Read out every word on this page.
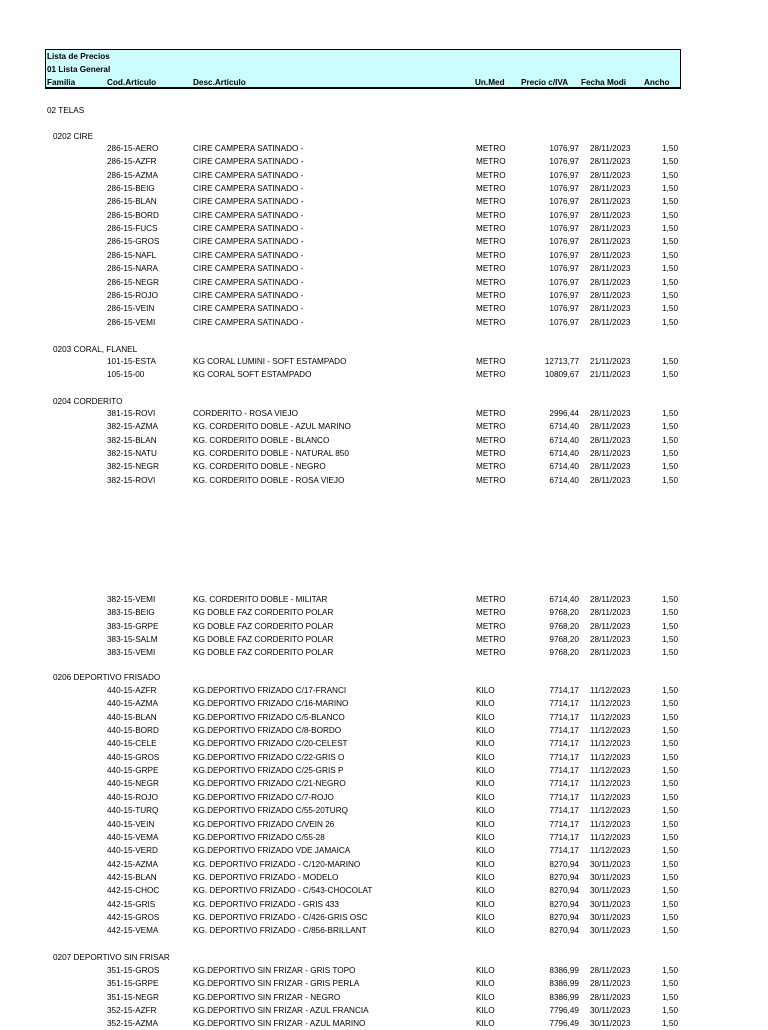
Lista de Precios
01 Lista General
Familia	Cod.Artículo	Desc.Artículo	Un.Med Precio c/IVA Fecha Modi Ancho
02 TELAS
0202 CIRE
286-15-AERO	CIRE CAMPERA SATINADO -	METRO	1076,97 28/11/2023	1,50
286-15-AZFR	CIRE CAMPERA SATINADO -	METRO	1076,97 28/11/2023	1,50
286-15-AZMA	CIRE CAMPERA SATINADO -	METRO	1076,97 28/11/2023	1,50
286-15-BEIG	CIRE CAMPERA SATINADO -	METRO	1076,97 28/11/2023	1,50
286-15-BLAN	CIRE CAMPERA SATINADO -	METRO	1076,97 28/11/2023	1,50
286-15-BORD	CIRE CAMPERA SATINADO -	METRO	1076,97 28/11/2023	1,50
286-15-FUCS	CIRE CAMPERA SATINADO -	METRO	1076,97 28/11/2023	1,50
286-15-GROS	CIRE CAMPERA SATINADO -	METRO	1076,97 28/11/2023	1,50
286-15-NAFL	CIRE CAMPERA SATINADO -	METRO	1076,97 28/11/2023	1,50
286-15-NARA	CIRE CAMPERA SATINADO -	METRO	1076,97 28/11/2023	1,50
286-15-NEGR	CIRE CAMPERA SATINADO -	METRO	1076,97 28/11/2023	1,50
286-15-ROJO	CIRE CAMPERA SATINADO -	METRO	1076,97 28/11/2023	1,50
286-15-VEIN	CIRE CAMPERA SATINADO -	METRO	1076,97 28/11/2023	1,50
286-15-VEMI	CIRE CAMPERA SATINADO -	METRO	1076,97 28/11/2023	1,50
0203 CORAL, FLANEL
101-15-ESTA	KG CORAL LUMINI - SOFT ESTAMPADO	METRO	12713,77 21/11/2023	1,50
105-15-00	KG CORAL SOFT ESTAMPADO	METRO	10809,67 21/11/2023	1,50
0204 CORDERITO
381-15-ROVI	CORDERITO - ROSA VIEJO	METRO	2996,44 28/11/2023	1,50
382-15-AZMA	KG. CORDERITO DOBLE - AZUL MARINO	METRO	6714,40 28/11/2023	1,50
382-15-BLAN	KG. CORDERITO DOBLE - BLANCO	METRO	6714,40 28/11/2023	1,50
382-15-NATU	KG. CORDERITO DOBLE - NATURAL 850	METRO	6714,40 28/11/2023	1,50
382-15-NEGR	KG. CORDERITO DOBLE - NEGRO	METRO	6714,40 28/11/2023	1,50
382-15-ROVI	KG. CORDERITO DOBLE - ROSA VIEJO	METRO	6714,40 28/11/2023	1,50
382-15-VEMI	KG. CORDERITO DOBLE - MILITAR	METRO	6714,40 28/11/2023	1,50
383-15-BEIG	KG DOBLE FAZ CORDERITO POLAR	METRO	9768,20 28/11/2023	1,50
383-15-GRPE	KG DOBLE FAZ CORDERITO POLAR	METRO	9768,20 28/11/2023	1,50
383-15-SALM	KG DOBLE FAZ CORDERITO POLAR	METRO	9768,20 28/11/2023	1,50
383-15-VEMI	KG DOBLE FAZ CORDERITO POLAR	METRO	9768,20 28/11/2023	1,50
0206 DEPORTIVO FRISADO
440-15-AZFR	KG.DEPORTIVO FRIZADO C/17-FRANCI	KILO	7714,17 11/12/2023	1,50
440-15-AZMA	KG.DEPORTIVO FRIZADO C/16-MARINO	KILO	7714,17 11/12/2023	1,50
440-15-BLAN	KG.DEPORTIVO FRIZADO C/5-BLANCO	KILO	7714,17 11/12/2023	1,50
440-15-BORD	KG.DEPORTIVO FRIZADO C/8-BORDO	KILO	7714,17 11/12/2023	1,50
440-15-CELE	KG.DEPORTIVO FRIZADO C/20-CELEST	KILO	7714,17 11/12/2023	1,50
440-15-GROS	KG.DEPORTIVO FRIZADO C/22-GRIS O	KILO	7714,17 11/12/2023	1,50
440-15-GRPE	KG.DEPORTIVO FRIZADO C/25-GRIS P	KILO	7714,17 11/12/2023	1,50
440-15-NEGR	KG.DEPORTIVO FRIZADO C/21-NEGRO	KILO	7714,17 11/12/2023	1,50
440-15-ROJO	KG.DEPORTIVO FRIZADO C/7-ROJO	KILO	7714,17 11/12/2023	1,50
440-15-TURQ	KG.DEPORTIVO FRIZADO C/55-20TURQ	KILO	7714,17 11/12/2023	1,50
440-15-VEIN	KG.DEPORTIVO FRIZADO C/VEIN 26	KILO	7714,17 11/12/2023	1,50
440-15-VEMA	KG.DEPORTIVO FRIZADO C/55-28	KILO	7714,17 11/12/2023	1,50
440-15-VERD	KG.DEPORTIVO FRIZADO VDE JAMAICA	KILO	7714,17 11/12/2023	1,50
442-15-AZMA	KG. DEPORTIVO FRIZADO - C/120-MARINO	KILO	8270,94 30/11/2023	1,50
442-15-BLAN	KG. DEPORTIVO FRIZADO - MODELO	KILO	8270,94 30/11/2023	1,50
442-15-CHOC	KG. DEPORTIVO FRIZADO - C/543-CHOCOLAT	KILO	8270,94 30/11/2023	1,50
442-15-GRIS	KG. DEPORTIVO FRIZADO - GRIS 433	KILO	8270,94 30/11/2023	1,50
442-15-GROS	KG. DEPORTIVO FRIZADO - C/426-GRIS OSC	KILO	8270,94 30/11/2023	1,50
442-15-VEMA	KG. DEPORTIVO FRIZADO - C/856-BRILLANT	KILO	8270,94 30/11/2023	1,50
0207 DEPORTIVO SIN FRISAR
351-15-GROS	KG.DEPORTIVO SIN FRIZAR - GRIS TOPO	KILO	8386,99 28/11/2023	1,50
351-15-GRPE	KG.DEPORTIVO SIN FRIZAR - GRIS PERLA	KILO	8386,99 28/11/2023	1,50
351-15-NEGR	KG.DEPORTIVO SIN FRIZAR - NEGRO	KILO	8386,99 28/11/2023	1,50
352-15-AZFR	KG.DEPORTIVO SIN FRIZAR - AZUL FRANCIA	KILO	7796,49 30/11/2023	1,50
352-15-AZMA	KG.DEPORTIVO SIN FRIZAR - AZUL MARINO	KILO	7796,49 30/11/2023	1,50
